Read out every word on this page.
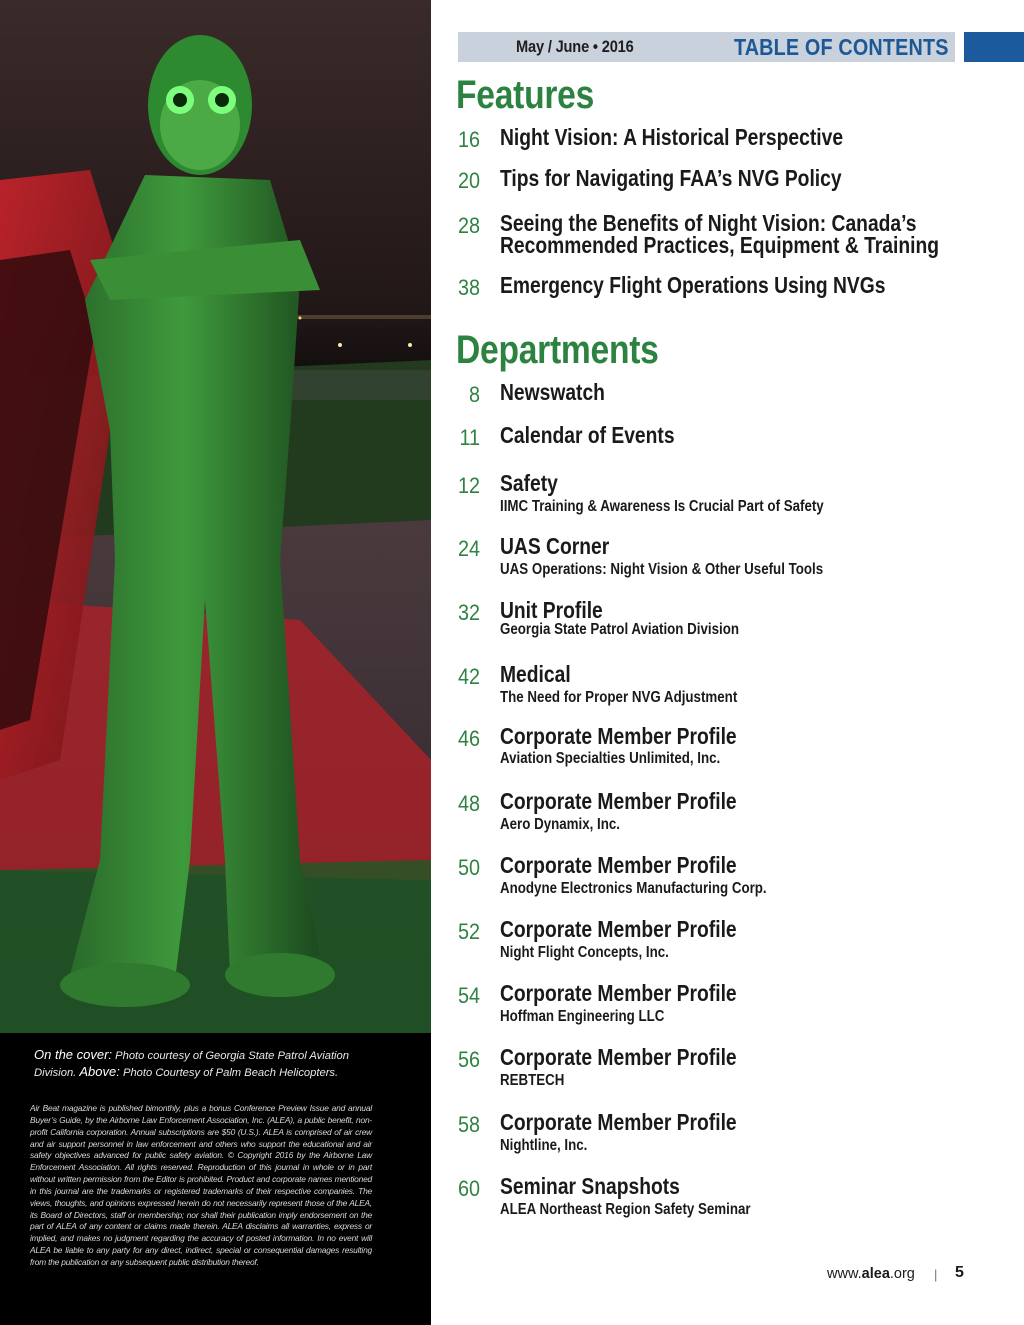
On the cover: Photo courtesy of Georgia State Patrol Aviation Division. Above: Photo Courtesy of Palm Beach Helicopters.
Air Beat magazine is published bimonthly, plus a bonus Conference Preview Issue and annual Buyer’s Guide, by the Airborne Law Enforcement Association, Inc. (ALEA), a public benefit, non-profit California corporation. Annual subscriptions are $50 (U.S.). ALEA is comprised of air crew and air support personnel in law enforcement and others who support the educational and air safety objectives advanced for public safety aviation. © Copyright 2016 by the Airborne Law Enforcement Association. All rights reserved. Reproduction of this journal in whole or in part without written permission from the Editor is prohibited. Product and corporate names mentioned in this journal are the trademarks or registered trademarks of their respective companies. The views, thoughts, and opinions expressed herein do not necessarily represent those of the ALEA, its Board of Directors, staff or membership; nor shall their publication imply endorsement on the part of ALEA of any content or claims made therein. ALEA disclaims all warranties, express or implied, and makes no judgment regarding the accuracy of posted information. In no event will ALEA be liable to any party for any direct, indirect, special or consequential damages resulting from the publication or any subsequent public distribution thereof.
May / June • 2016	TABLE OF CONTENTS
Features
16 Night Vision: A Historical Perspective
20 Tips for Navigating FAA’s NVG Policy
28 Seeing the Benefits of Night Vision: Canada’s
Recommended Practices, Equipment & Training
38 Emergency Flight Operations Using NVGs
Departments
8 Newswatch
11 Calendar of Events
12 Safety
IIMC Training & Awareness Is Crucial Part of Safety
24 UAS Corner
UAS Operations: Night Vision & Other Useful Tools
32 Unit Profile
Georgia State Patrol Aviation Division
42 Medical
The Need for Proper NVG Adjustment
46 Corporate Member Profile
Aviation Specialties Unlimited, Inc.
48 Corporate Member Profile
Aero Dynamix, Inc.
50 Corporate Member Profile
Anodyne Electronics Manufacturing Corp.
52 Corporate Member Profile
Night Flight Concepts, Inc.
54 Corporate Member Profile
Hoffman Engineering LLC
56 Corporate Member Profile
REBTECH
58 Corporate Member Profile
Nightline, Inc.
60 Seminar Snapshots
ALEA Northeast Region Safety Seminar
www.alea.org | 5
